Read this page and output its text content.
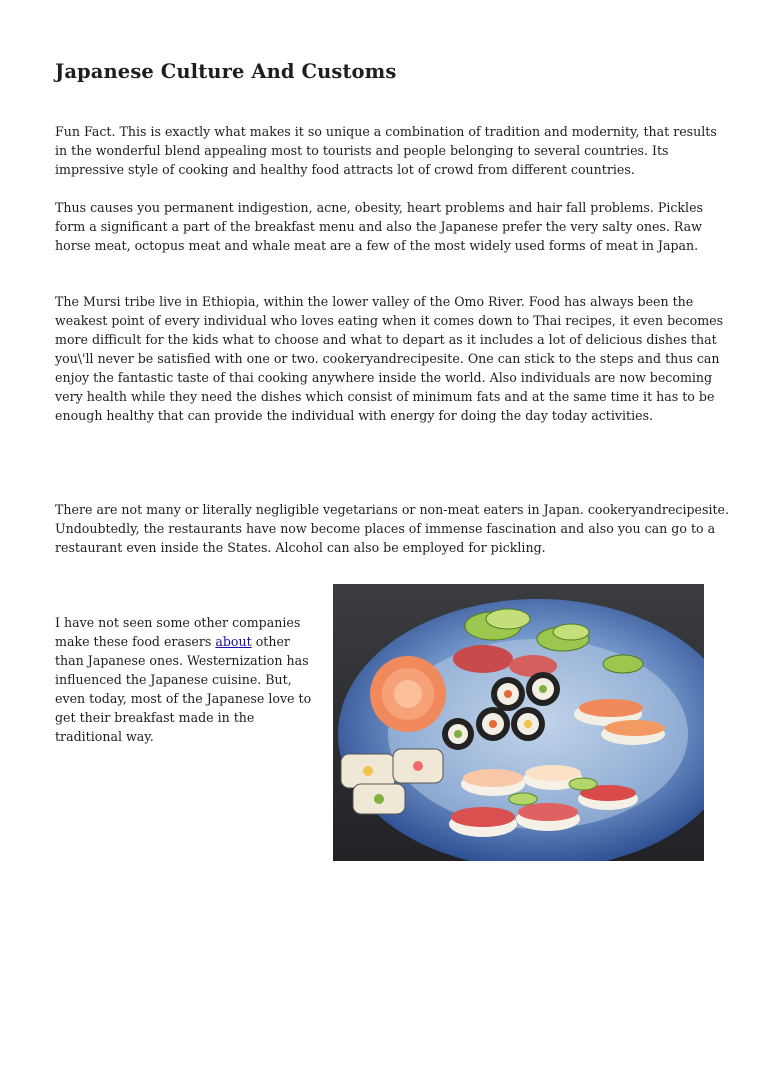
Japanese Culture And Customs

Fun Fact. This is exactly what makes it so unique a combination of tradition and modernity, that results in the wonderful blend appealing most to tourists and people belonging to several countries. Its impressive style of cooking and healthy food attracts lot of crowd from different countries.

Thus causes you permanent indigestion, acne, obesity, heart problems and hair fall problems. Pickles form a significant a part of the breakfast menu and also the Japanese prefer the very salty ones. Raw horse meat, octopus meat and whale meat are a few of the most widely used forms of meat in Japan.

The Mursi tribe live in Ethiopia, within the lower valley of the Omo River. Food has always been the weakest point of every individual who loves eating when it comes down to Thai recipes, it even becomes more difficult for the kids what to choose and what to depart as it includes a lot of delicious dishes that you\'ll never be satisfied with one or two. cookeryandrecipesite. One can stick to the steps and thus can enjoy the fantastic taste of thai cooking anywhere inside the world. Also individuals are now becoming very health while they need the dishes which consist of minimum fats and at the same time it has to be enough healthy that can provide the individual with energy for doing the day today activities.

There are not many or literally negligible vegetarians or non-meat eaters in Japan. cookeryandrecipesite. Undoubtedly, the restaurants have now become places of immense fascination and also you can go to a restaurant even inside the States. Alcohol can also be employed for pickling.

I have not seen some other companies make these food erasers about other than Japanese ones. Westernization has influenced the Japanese cuisine. But, even today, most of the Japanese love to get their breakfast made in the traditional way.
